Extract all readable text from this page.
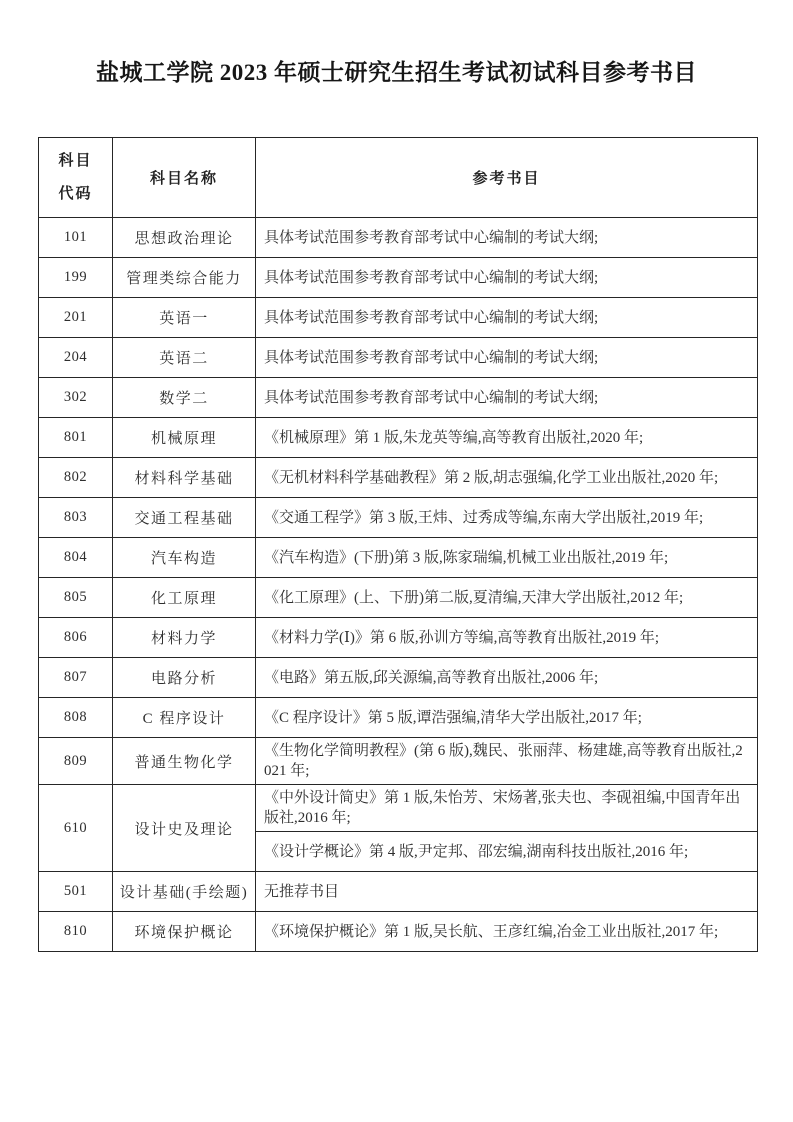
盐城工学院 2023 年硕士研究生招生考试初试科目参考书目
科目
代码	科目名称	参考书目
101	思想政治理论	具体考试范围参考教育部考试中心编制的考试大纲;
199	管理类综合能力	具体考试范围参考教育部考试中心编制的考试大纲;
201	英语一	具体考试范围参考教育部考试中心编制的考试大纲;
204	英语二	具体考试范围参考教育部考试中心编制的考试大纲;
302	数学二	具体考试范围参考教育部考试中心编制的考试大纲;
801	机械原理	《机械原理》第 1 版,朱龙英等编,高等教育出版社,2020 年;
802	材料科学基础	《无机材料科学基础教程》第 2 版,胡志强编,化学工业出版社,2020 年;
803	交通工程基础	《交通工程学》第 3 版,王炜、过秀成等编,东南大学出版社,2019 年;
804	汽车构造	《汽车构造》(下册)第 3 版,陈家瑞编,机械工业出版社,2019 年;
805	化工原理	《化工原理》(上、下册)第二版,夏清编,天津大学出版社,2012 年;
806	材料力学	《材料力学(Ⅰ)》第 6 版,孙训方等编,高等教育出版社,2019 年;
807	电路分析	《电路》第五版,邱关源编,高等教育出版社,2006 年;
808	C 程序设计	《C 程序设计》第 5 版,谭浩强编,清华大学出版社,2017 年;
809	普通生物化学	《生物化学简明教程》(第 6 版),魏民、张丽萍、杨建雄,高等教育出版社,2021 年;
610	设计史及理论	《中外设计简史》第 1 版,朱怡芳、宋炀著,张夫也、李砚祖编,中国青年出版社,2016 年;
		《设计学概论》第 4 版,尹定邦、邵宏编,湖南科技出版社,2016 年;
501	设计基础(手绘题)	无推荐书目
810	环境保护概论	《环境保护概论》第 1 版,吴长航、王彦红编,冶金工业出版社,2017 年;
